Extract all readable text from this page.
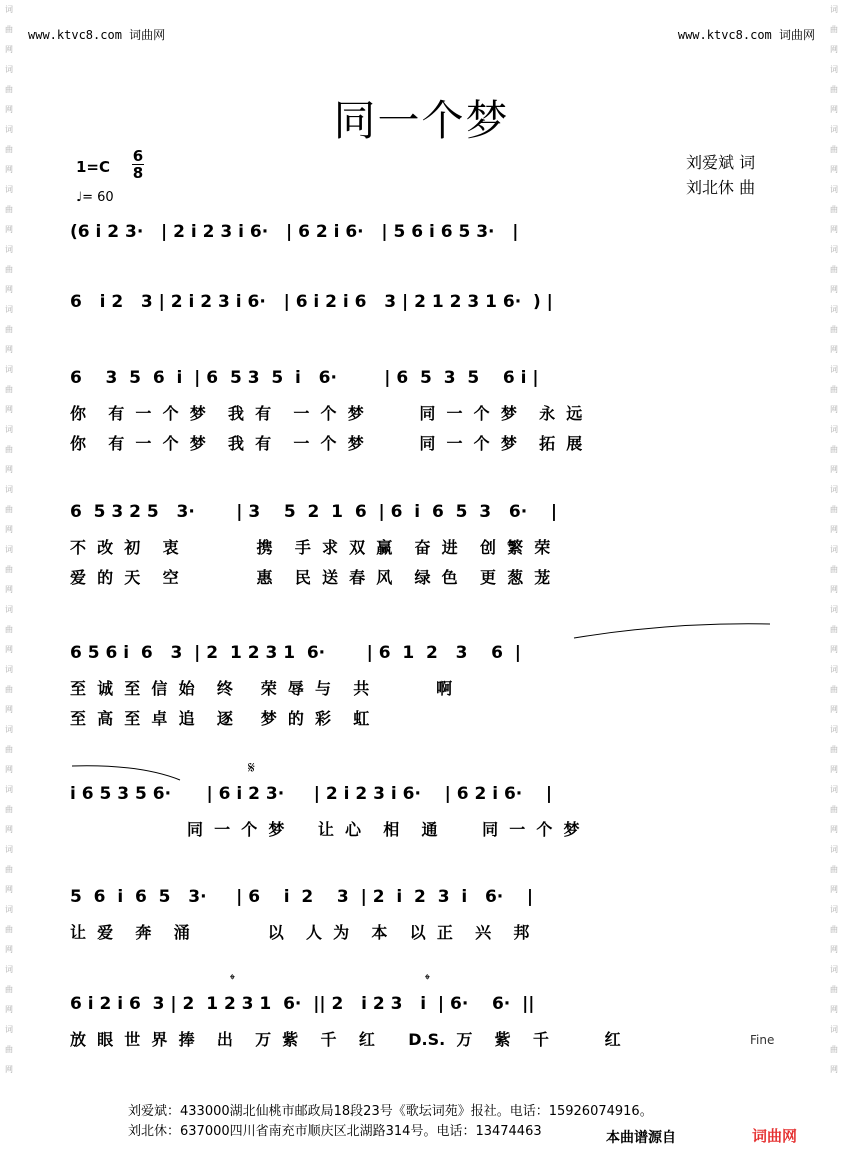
词曲网词曲网词曲网词曲网词曲网词曲网词曲网词曲网词曲网词曲网词曲网词曲网词曲网词曲网词曲网词曲网词曲网词曲网
词曲网词曲网词曲网词曲网词曲网词曲网词曲网词曲网词曲网词曲网词曲网词曲网词曲网词曲网词曲网词曲网词曲网词曲网
www.ktvc8.com 词曲网	www.ktvc8.com 词曲网
同一个梦
1=C
6
8
♩= 60
刘爱斌 词
刘北休 曲
(6 i 2 3·   | 2 i 2 3 i 6·   | 6 2 i 6·   | 5 6 i 6 5 3·   |
6   i 2   3 | 2 i 2 3 i 6·   | 6 i 2 i 6   3 | 2 1 2 3 1 6·  ) |
6    3  5  6  i  | 6  5 3  5  i   6·        | 6  5  3  5    6 i |
你    有  一  个  梦    我  有    一  个  梦          同  一  个  梦    永  远
你    有  一  个  梦    我  有    一  个  梦          同  一  个  梦    拓  展
6  5 3 2 5   3·       | 3    5  2  1  6  | 6  i  6  5  3   6·    |
不  改  初    衷              携    手  求  双  赢    奋  进    创  繁  荣
爱  的  天    空              惠    民  送  春  风    绿  色    更  葱  茏
6 5 6 i  6   3  | 2  1 2 3 1  6·       | 6  1  2   3    6  |
至  诚  至  信  始    终     荣  辱  与    共            啊
至  高  至  卓  追    逐     梦  的  彩    虹
i 6 5 3 5 6·      | 6 i 2 3·     | 2 i 2 3 i 6·    | 6 2 i 6·    |
同  一  个  梦      让  心    相    通        同  一  个  梦
𝄋
5  6  i  6  5   3·     | 6    i  2    3  | 2  i  2  3  i   6·    |
让  爱    奔    涌              以    人  为    本    以  正    兴    邦
6 i 2 i 6  3 | 2  1 2 3 1  6·  || 2   i 2 3   i  | 6·    6·  ||
放  眼  世  界  捧    出    万  紫    千    红      D.S.  万    紫    千          红
𝄌	𝄌
Fine
刘爱斌：433000湖北仙桃市邮政局18段23号《歌坛词苑》报社。电话：15926074916。
刘北休：637000四川省南充市顺庆区北湖路314号。电话：13474463	本曲谱源自	词曲网
